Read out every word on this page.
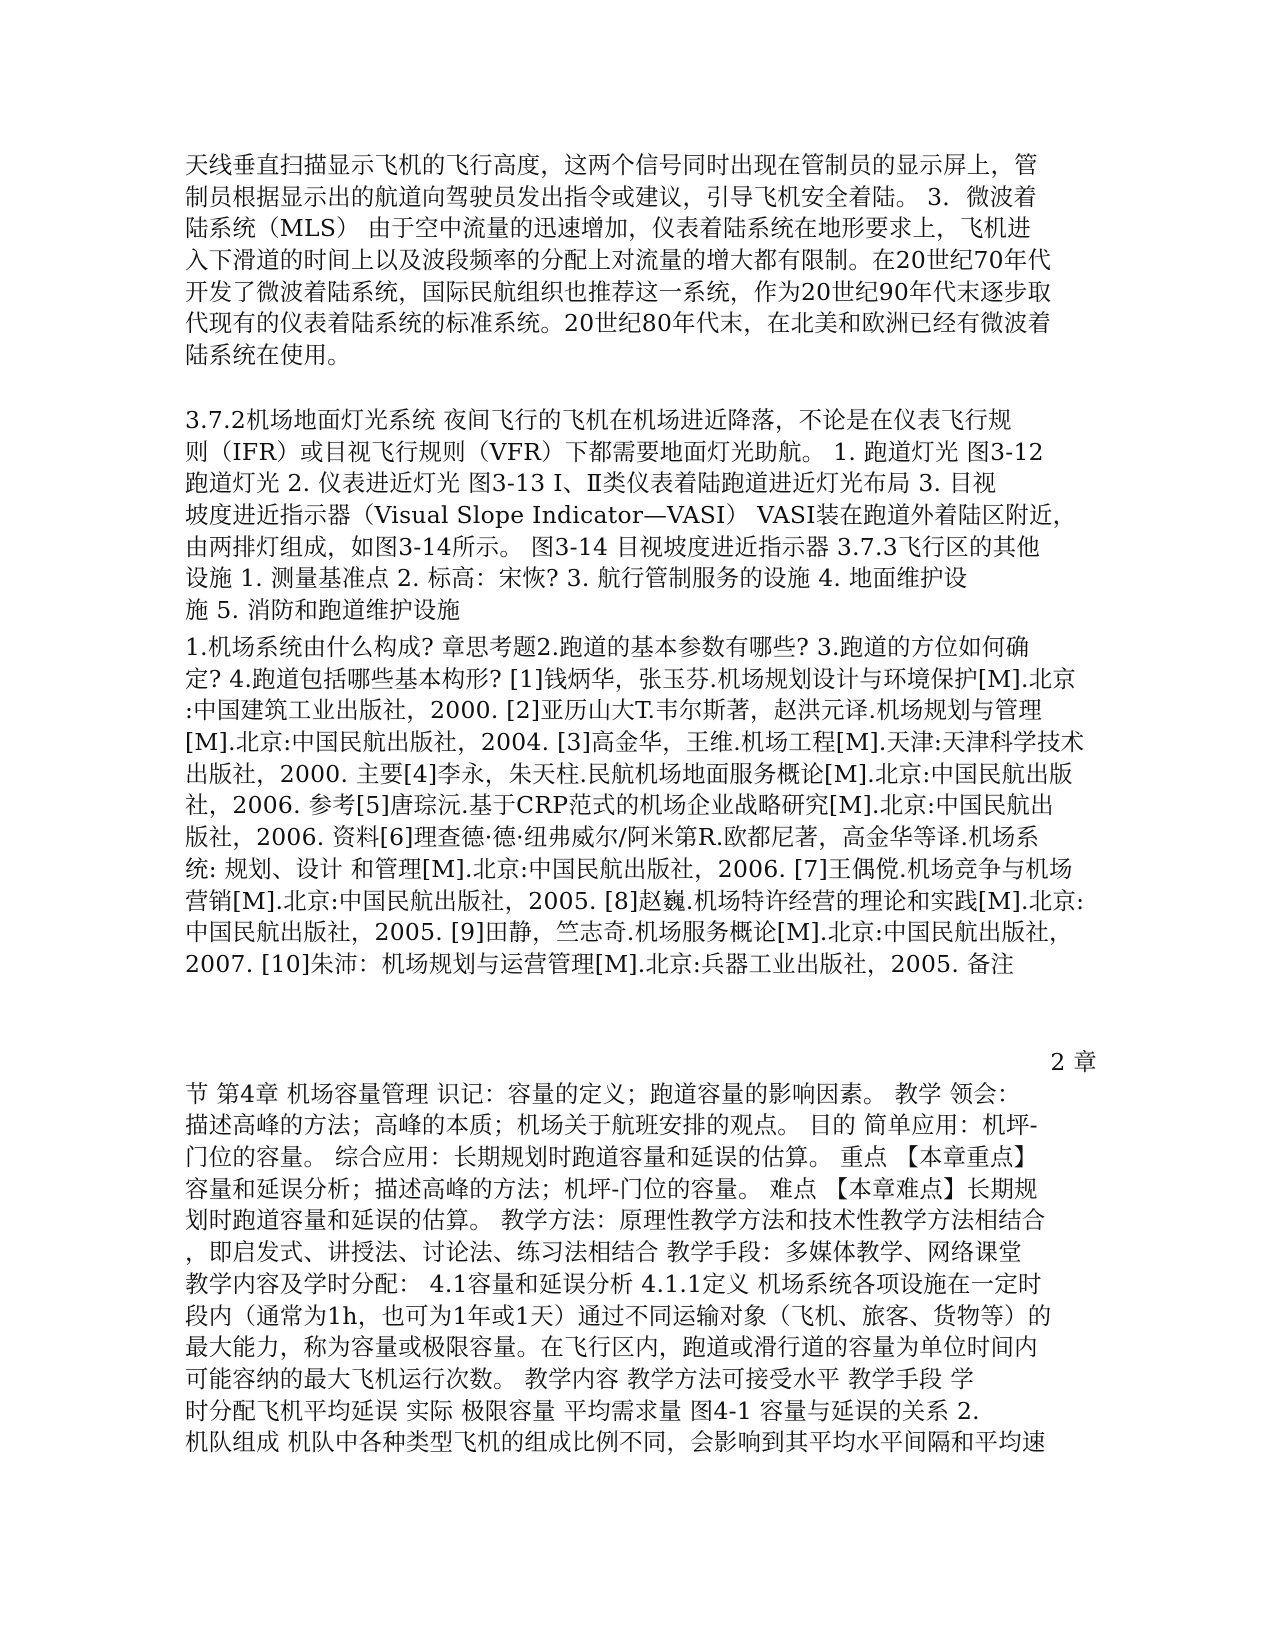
天线垂直扫描显示飞机的飞行高度，这两个信号同时出现在管制员的显示屏上，管
制员根据显示出的航道向驾驶员发出指令或建议，引导飞机安全着陆。 3．微波着
陆系统（MLS） 由于空中流量的迅速增加，仪表着陆系统在地形要求上，飞机进
入下滑道的时间上以及波段频率的分配上对流量的增大都有限制。在20世纪70年代
开发了微波着陆系统，国际民航组织也推荐这一系统，作为20世纪90年代末逐步取
代现有的仪表着陆系统的标准系统。20世纪80年代末，在北美和欧洲已经有微波着
陆系统在使用。
3.7.2机场地面灯光系统 夜间飞行的飞机在机场进近降落，不论是在仪表飞行规
则（IFR）或目视飞行规则（VFR）下都需要地面灯光助航。 1. 跑道灯光 图3-12
跑道灯光 2. 仪表进近灯光 图3-13 I、Ⅱ类仪表着陆跑道进近灯光布局 3. 目视
坡度进近指示器（Visual Slope Indicator—VASI） VASI装在跑道外着陆区附近，
由两排灯组成，如图3-14所示。 图3-14 目视坡度进近指示器 3.7.3飞行区的其他
设施 1. 测量基准点 2. 标高：宋恢? 3. 航行管制服务的设施 4. 地面维护设
施 5. 消防和跑道维护设施
1.机场系统由什么构成? 章思考题2.跑道的基本参数有哪些? 3.跑道的方位如何确
定? 4.跑道包括哪些基本构形? [1]钱炳华，张玉芬.机场规划设计与环境保护[M].北京
:中国建筑工业出版社，2000. [2]亚历山大T.韦尔斯著，赵洪元译.机场规划与管理
[M].北京:中国民航出版社，2004. [3]高金华，王维.机场工程[M].天津:天津科学技术
出版社，2000. 主要[4]李永，朱天柱.民航机场地面服务概论[M].北京:中国民航出版
社，2006. 参考[5]唐琮沅.基于CRP范式的机场企业战略研究[M].北京:中国民航出
版社，2006. 资料[6]理查德·德·纽弗威尔/阿米第R.欧都尼著，高金华等译.机场系
统: 规划、设计 和管理[M].北京:中国民航出版社，2006. [7]王偶傥.机场竞争与机场
营销[M].北京:中国民航出版社，2005. [8]赵巍.机场特许经营的理论和实践[M].北京:
中国民航出版社，2005. [9]田静，竺志奇.机场服务概论[M].北京:中国民航出版社，
2007. [10]朱沛：机场规划与运营管理[M].北京:兵器工业出版社，2005. 备注
2 章
节 第4章 机场容量管理 识记：容量的定义；跑道容量的影响因素。 教学 领会：
描述高峰的方法；高峰的本质；机场关于航班安排的观点。 目的 简单应用：机坪-
门位的容量。 综合应用：长期规划时跑道容量和延误的估算。 重点 【本章重点】
容量和延误分析；描述高峰的方法；机坪-门位的容量。 难点 【本章难点】长期规
划时跑道容量和延误的估算。 教学方法：原理性教学方法和技术性教学方法相结合
，即启发式、讲授法、讨论法、练习法相结合 教学手段：多媒体教学、网络课堂
教学内容及学时分配： 4.1容量和延误分析 4.1.1定义 机场系统各项设施在一定时
段内（通常为1h，也可为1年或1天）通过不同运输对象（飞机、旅客、货物等）的
最大能力，称为容量或极限容量。在飞行区内，跑道或滑行道的容量为单位时间内
可能容纳的最大飞机运行次数。 教学内容 教学方法可接受水平 教学手段 学
时分配飞机平均延误 实际 极限容量 平均需求量 图4-1 容量与延误的关系 2.
机队组成 机队中各种类型飞机的组成比例不同，会影响到其平均水平间隔和平均速
